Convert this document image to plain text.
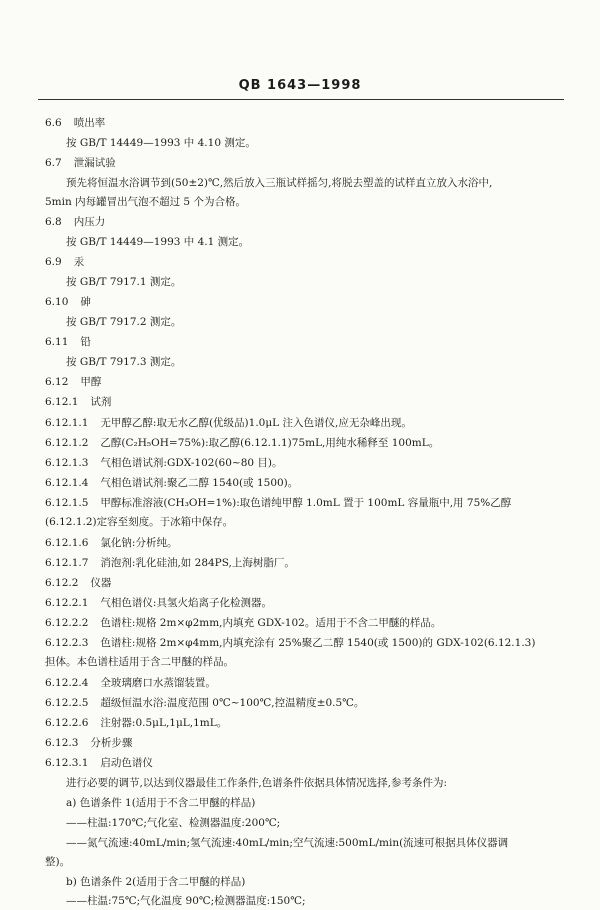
QB 1643—1998
6.6 喷出率
按 GB/T 14449—1993 中 4.10 测定。
6.7 泄漏试验
预先将恒温水浴调节到(50±2)℃,然后放入三瓶试样摇匀,将脱去塑盖的试样直立放入水浴中,
5min 内每罐冒出气泡不超过 5 个为合格。
6.8 内压力
按 GB/T 14449—1993 中 4.1 测定。
6.9 汞
按 GB/T 7917.1 测定。
6.10 砷
按 GB/T 7917.2 测定。
6.11 铅
按 GB/T 7917.3 测定。
6.12 甲醇
6.12.1 试剂
6.12.1.1 无甲醇乙醇:取无水乙醇(优级品)1.0μL 注入色谱仪,应无杂峰出现。
6.12.1.2 乙醇(C₂H₅OH=75%):取乙醇(6.12.1.1)75mL,用纯水稀释至 100mL。
6.12.1.3 气相色谱试剂:GDX-102(60~80 目)。
6.12.1.4 气相色谱试剂:聚乙二醇 1540(或 1500)。
6.12.1.5 甲醇标准溶液(CH₃OH=1%):取色谱纯甲醇 1.0mL 置于 100mL 容量瓶中,用 75%乙醇
(6.12.1.2)定容至刻度。于冰箱中保存。
6.12.1.6 氯化钠:分析纯。
6.12.1.7 消泡剂:乳化硅油,如 284PS,上海树脂厂。
6.12.2 仪器
6.12.2.1 气相色谱仪:具氢火焰离子化检测器。
6.12.2.2 色谱柱:规格 2m×φ2mm,内填充 GDX-102。适用于不含二甲醚的样品。
6.12.2.3 色谱柱:规格 2m×φ4mm,内填充涂有 25%聚乙二醇 1540(或 1500)的 GDX-102(6.12.1.3)
担体。本色谱柱适用于含二甲醚的样品。
6.12.2.4 全玻璃磨口水蒸馏装置。
6.12.2.5 超级恒温水浴:温度范围 0℃~100℃,控温精度±0.5℃。
6.12.2.6 注射器:0.5μL,1μL,1mL。
6.12.3 分析步骤
6.12.3.1 启动色谱仪
进行必要的调节,以达到仪器最佳工作条件,色谱条件依据具体情况选择,参考条件为:
a) 色谱条件 1(适用于不含二甲醚的样品)
——柱温:170℃;气化室、检测器温度:200℃;
——氮气流速:40mL/min;氢气流速:40mL/min;空气流速:500mL/min(流速可根据具体仪器调
整)。
b) 色谱条件 2(适用于含二甲醚的样品)
——柱温:75℃;气化温度 90℃;检测器温度:150℃;
